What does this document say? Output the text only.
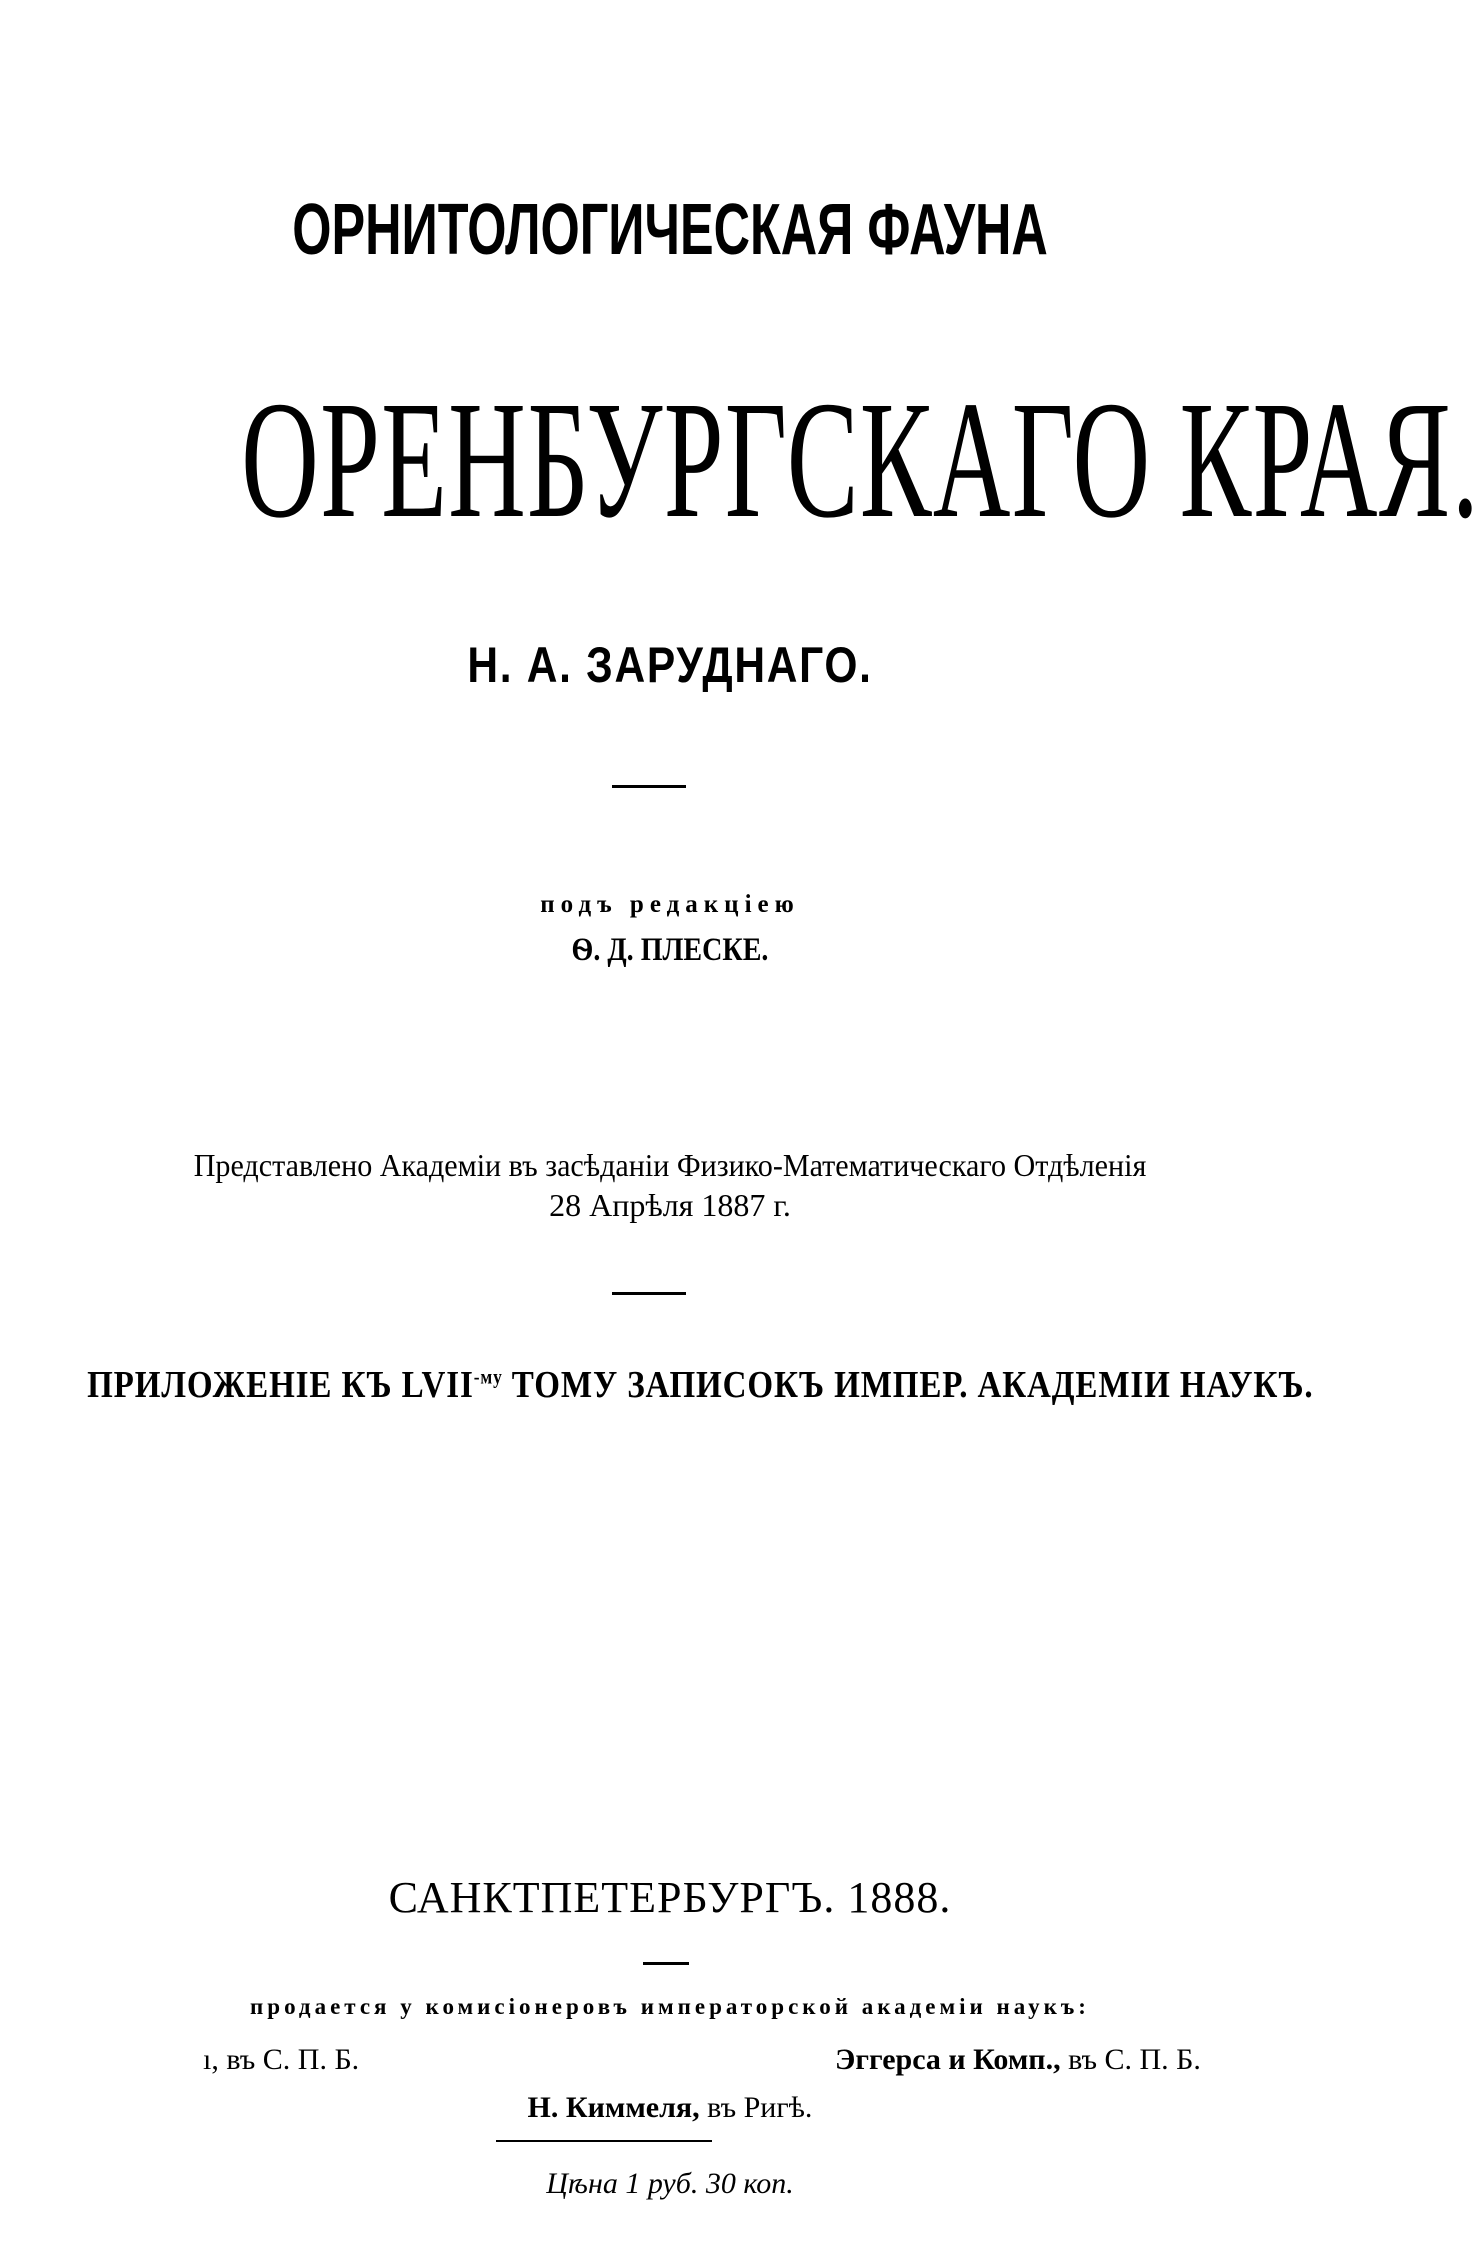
ОРНИТОЛОГИЧЕСКАЯ ФАУНА
ОРЕНБУРГСКАГО КРАЯ.
Н. А. ЗАРУДНАГО.
подъ редакціею
Ѳ. Д. ПЛЕСКЕ.
Представлено Академіи въ засѣданіи Физико-Математическаго Отдѣленія
28 Апрѣля 1887 г.
ПРИЛОЖЕНІЕ КЪ $LVII^{-му}$ ТОМУ ЗАПИСОКЪ ИМПЕР. АКАДЕМІИ НАУКЪ.
САНКТПЕТЕРБУРГЪ. 1888.
продается у комисіонеровъ императорской академіи наукъ:
ı, въ С. П. Б.	Эггерса и Комп., въ С. П. Б.
Н. Киммеля, въ Ригѣ.
Цѣна 1 руб. 30 коп.
